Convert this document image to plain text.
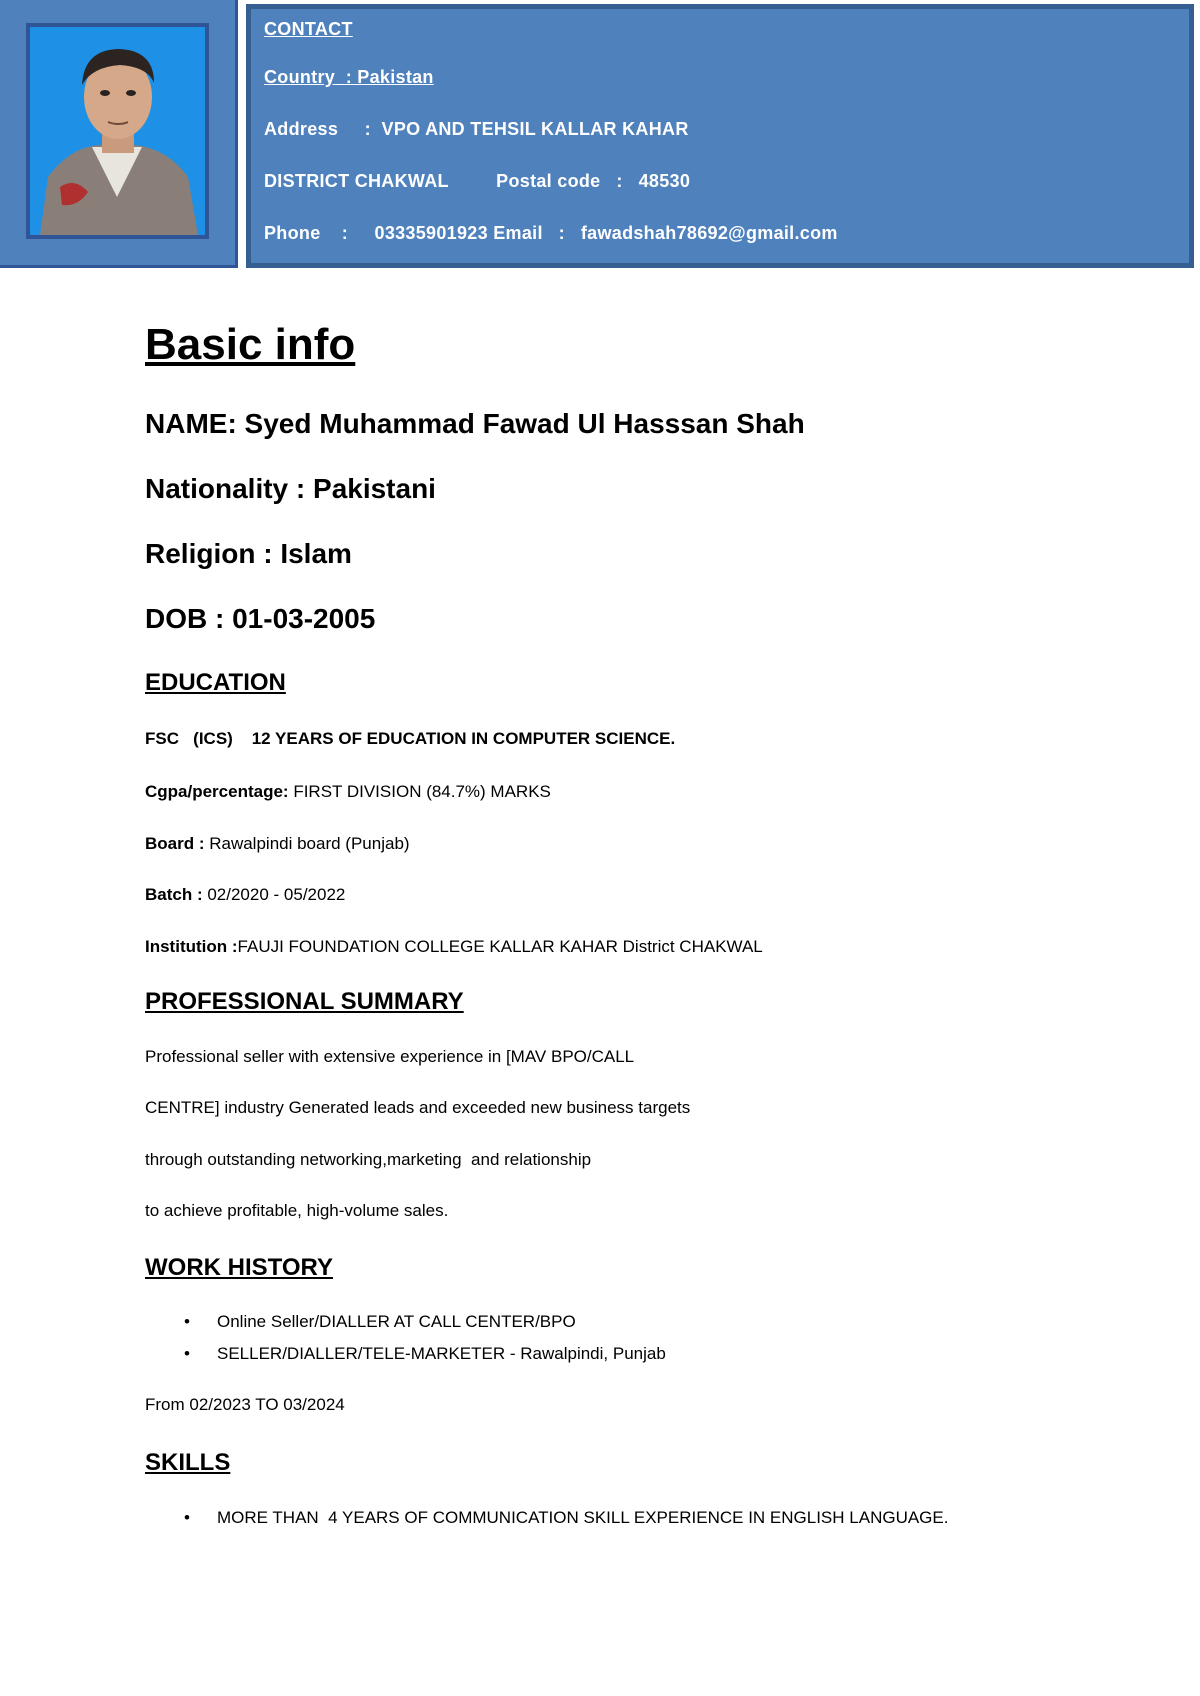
CONTACT
Country  : Pakistan
Address     :  VPO AND TEHSIL KALLAR KAHAR
DISTRICT CHAKWAL         Postal code   :   48530
Phone    :     03335901923 Email   :   fawadshah78692@gmail.com
Basic info
NAME: Syed Muhammad Fawad Ul Hasssan Shah
Nationality : Pakistani
Religion : Islam
DOB : 01-03-2005
EDUCATION
FSC   (ICS)    12 YEARS OF EDUCATION IN COMPUTER SCIENCE.
Cgpa/percentage: FIRST DIVISION (84.7%) MARKS
Board : Rawalpindi board (Punjab)
Batch : 02/2020 - 05/2022
Institution :FAUJI FOUNDATION COLLEGE KALLAR KAHAR District CHAKWAL
PROFESSIONAL SUMMARY
Professional seller with extensive experience in [MAV BPO/CALL
CENTRE] industry Generated leads and exceeded new business targets
through outstanding networking,marketing  and relationship
to achieve profitable, high-volume sales.
WORK HISTORY
• Online Seller/DIALLER AT CALL CENTER/BPO
• SELLER/DIALLER/TELE-MARKETER - Rawalpindi, Punjab
From 02/2023 TO 03/2024
SKILLS
• MORE THAN  4 YEARS OF COMMUNICATION SKILL EXPERIENCE IN ENGLISH LANGUAGE.
